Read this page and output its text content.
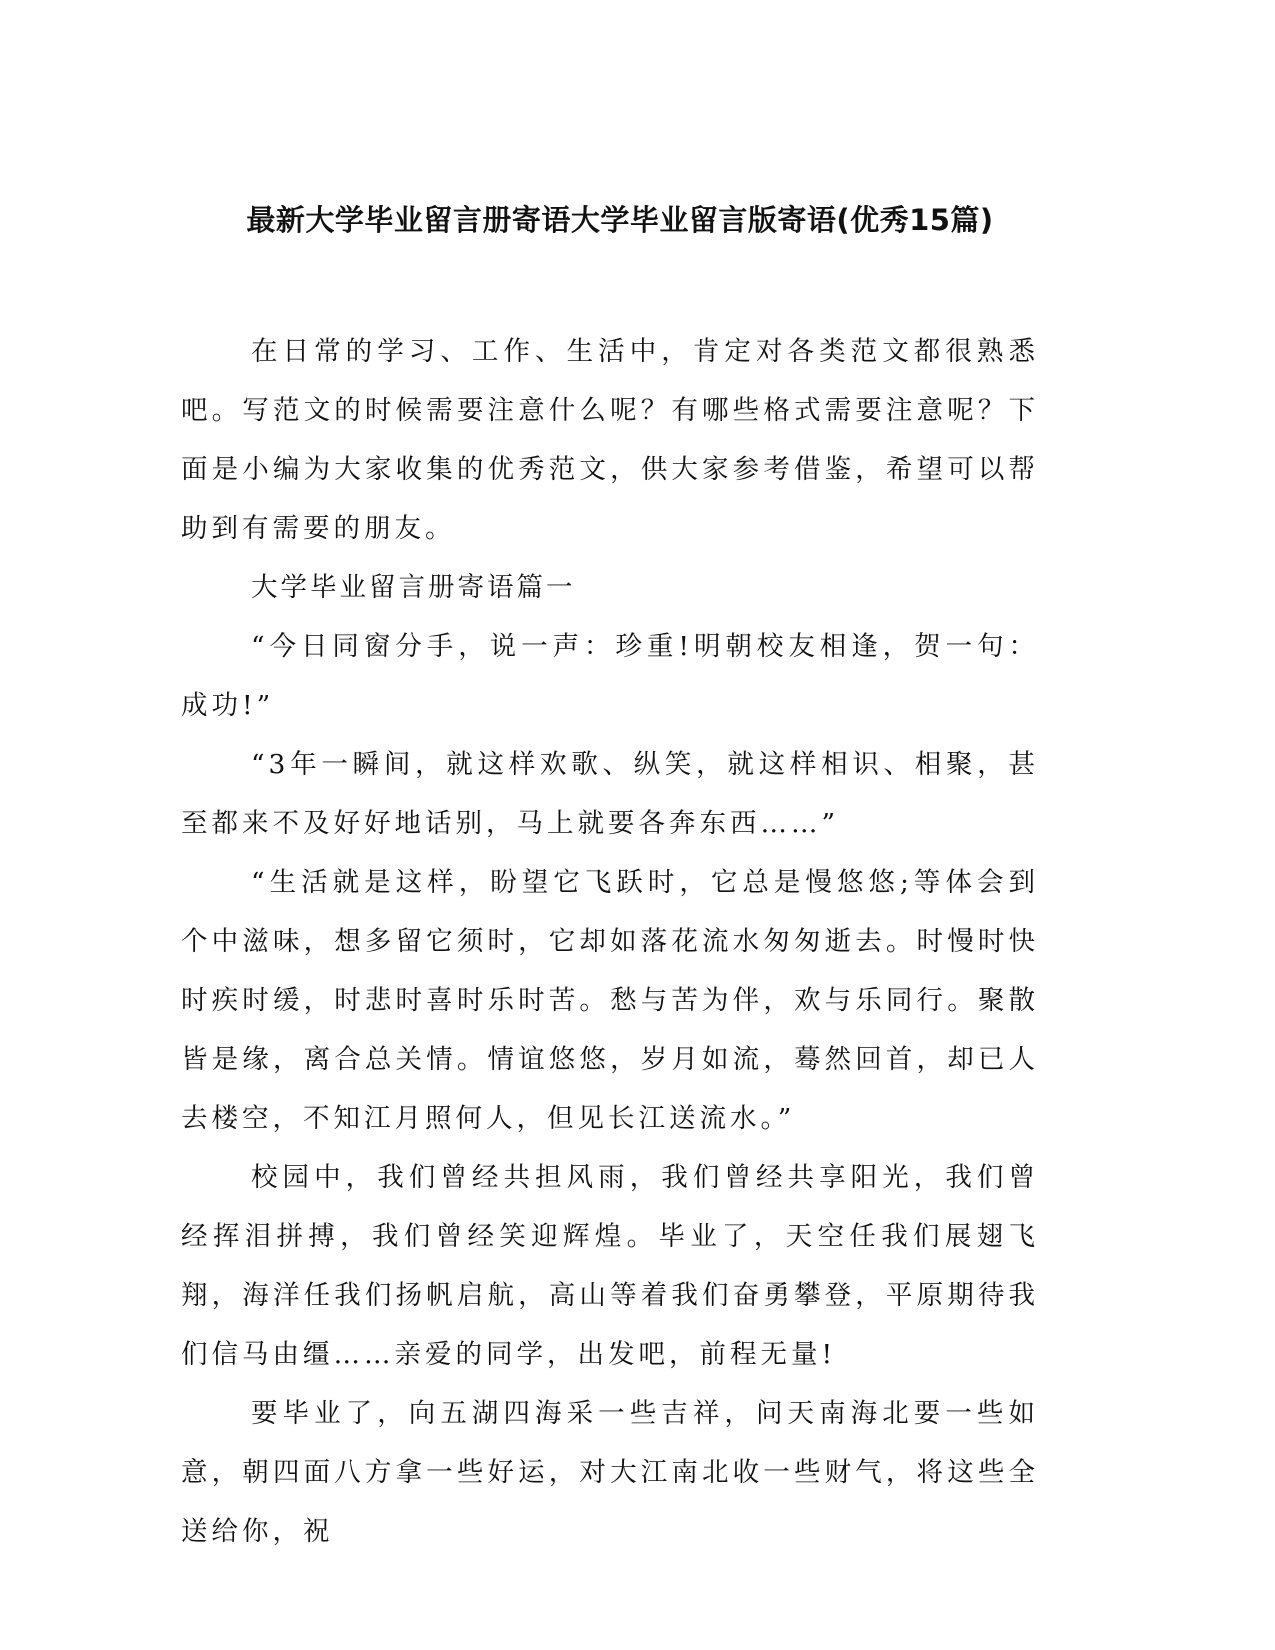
最新大学毕业留言册寄语大学毕业留言版寄语(优秀15篇)

在日常的学习、工作、生活中，肯定对各类范文都很熟悉吧。写范文的时候需要注意什么呢？有哪些格式需要注意呢？下面是小编为大家收集的优秀范文，供大家参考借鉴，希望可以帮助到有需要的朋友。

大学毕业留言册寄语篇一

“今日同窗分手，说一声：珍重!明朝校友相逢，贺一句：成功!”

“3年一瞬间，就这样欢歌、纵笑，就这样相识、相聚，甚至都来不及好好地话别，马上就要各奔东西……”

“生活就是这样，盼望它飞跃时，它总是慢悠悠;等体会到个中滋味，想多留它须时，它却如落花流水匆匆逝去。时慢时快时疾时缓，时悲时喜时乐时苦。愁与苦为伴，欢与乐同行。聚散皆是缘，离合总关情。情谊悠悠，岁月如流，蓦然回首，却已人去楼空，不知江月照何人，但见长江送流水。”

校园中，我们曾经共担风雨，我们曾经共享阳光，我们曾经挥泪拼搏，我们曾经笑迎辉煌。毕业了，天空任我们展翅飞翔，海洋任我们扬帆启航，高山等着我们奋勇攀登，平原期待我们信马由缰……亲爱的同学，出发吧，前程无量!

要毕业了，向五湖四海采一些吉祥，问天南海北要一些如意，朝四面八方拿一些好运，对大江南北收一些财气，将这些全送给你，祝
